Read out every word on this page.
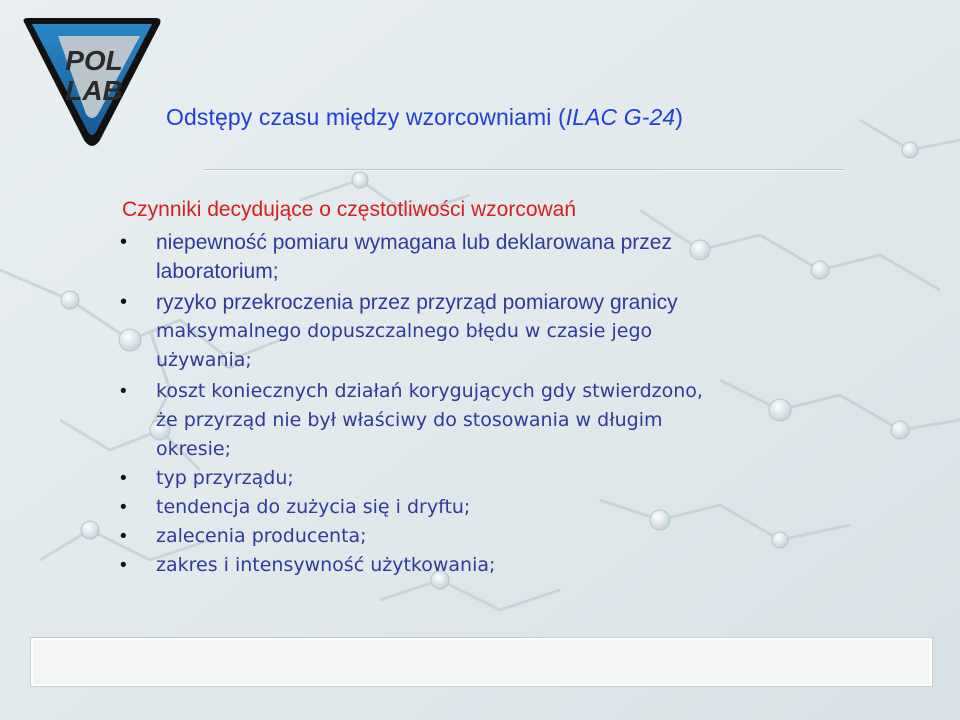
POL
LAB
Odstępy czasu między wzorcowniami (ILAC G-24)
Czynniki decydujące o częstotliwości wzorcowań
• niepewność pomiaru wymagana lub deklarowana przez
laboratorium;
• ryzyko przekroczenia przez przyrząd pomiarowy granicy
maksymalnego dopuszczalnego błędu w czasie jego
używania;
• koszt koniecznych działań korygujących gdy stwierdzono,
że przyrząd nie był właściwy do stosowania w długim
okresie;
• typ przyrządu;
• tendencja do zużycia się i dryftu;
• zalecenia producenta;
• zakres i intensywność użytkowania;
